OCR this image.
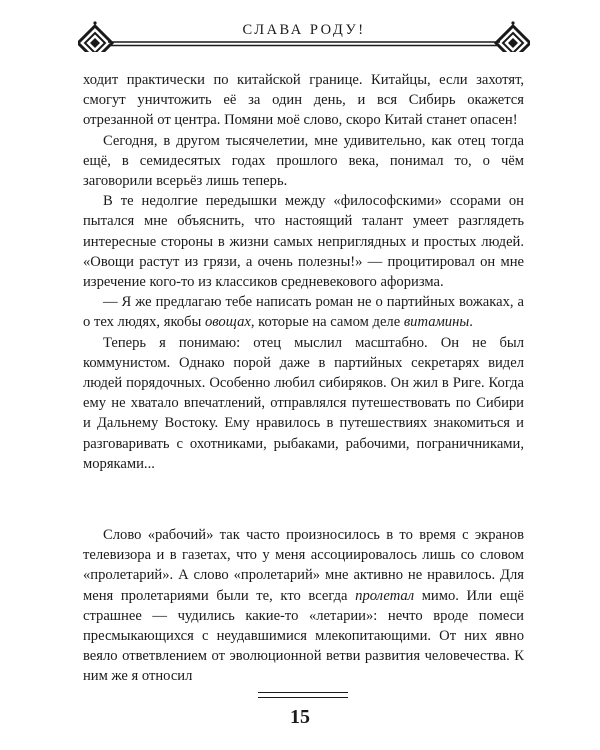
СЛАВА РОДУ!

ходит практически по китайской границе. Китайцы, если захотят, смогут уничтожить её за один день, и вся Сибирь окажется отрезанной от центра. Помяни моё слово, скоро Китай станет опасен!

Сегодня, в другом тысячелетии, мне удивительно, как отец тогда ещё, в семидесятых годах прошлого века, понимал то, о чём заговорили всерьёз лишь теперь.

В те недолгие передышки между «философскими» ссорами он пытался мне объяснить, что настоящий талант умеет разглядеть интересные стороны в жизни самых неприглядных и простых людей. «Овощи растут из грязи, а очень полезны!» — процитировал он мне изречение кого-то из классиков средневекового афоризма.

— Я же предлагаю тебе написать роман не о партийных вожаках, а о тех людях, якобы овощах, которые на самом деле витамины.

Теперь я понимаю: отец мыслил масштабно. Он не был коммунистом. Однако порой даже в партийных секретарях видел людей порядочных. Особенно любил сибиряков. Он жил в Риге. Когда ему не хватало впечатлений, отправлялся путешествовать по Сибири и Дальнему Востоку. Ему нравилось в путешествиях знакомиться и разговаривать с охотниками, рыбаками, рабочими, пограничниками, моряками...

Слово «рабочий» так часто произносилось в то время с экранов телевизора и в газетах, что у меня ассоциировалось лишь со словом «пролетарий». А слово «пролетарий» мне активно не нравилось. Для меня пролетариями были те, кто всегда пролетал мимо. Или ещё страшнее — чудились какие-то «летарии»: нечто вроде помеси пресмыкающихся с неудавшимися млекопитающими. От них явно веяло ответвлением от эволюционной ветви развития человечества. К ним же я относил

15
